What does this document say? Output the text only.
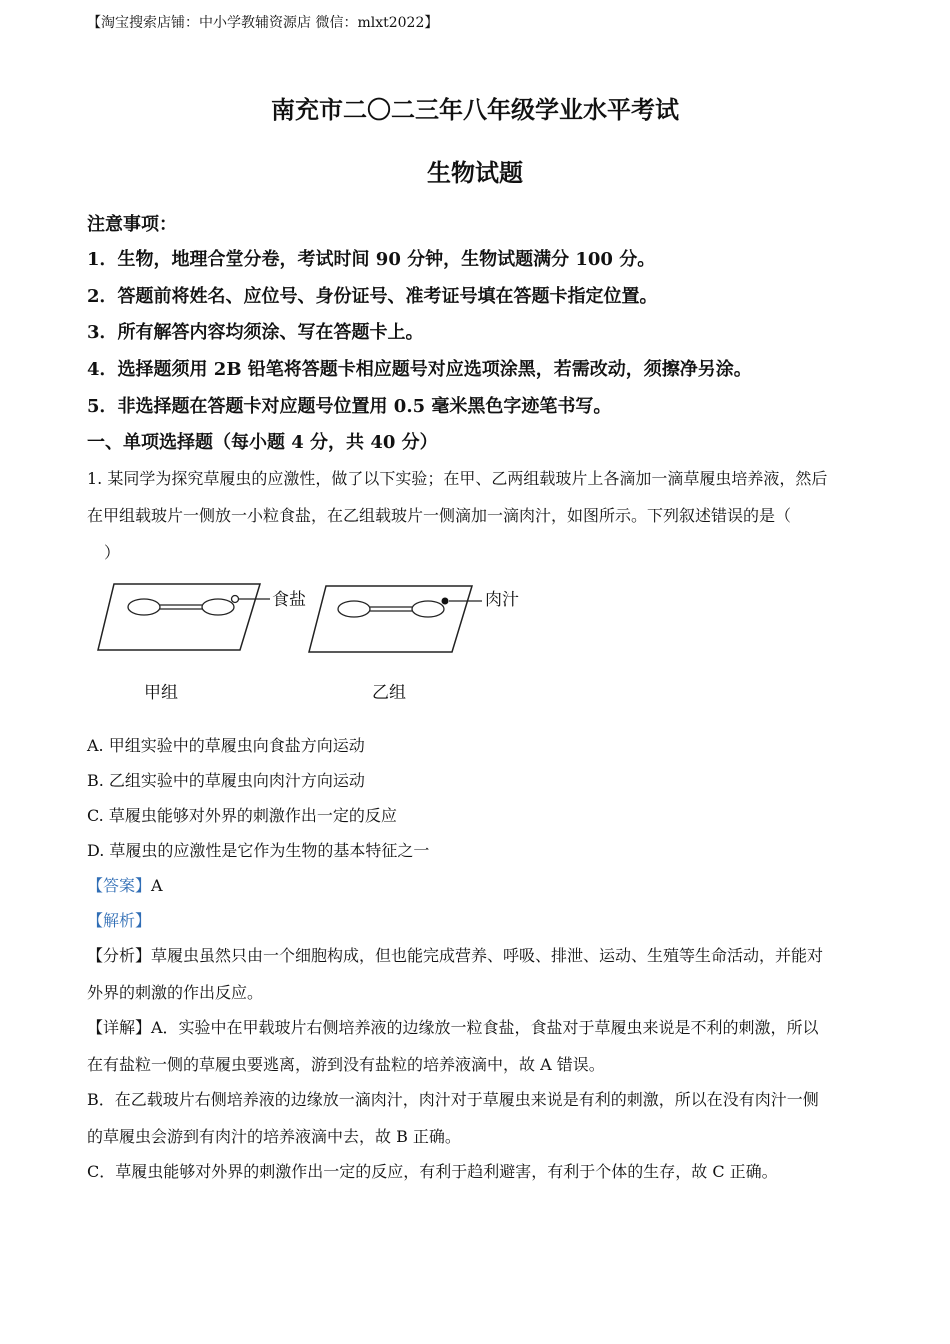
【淘宝搜索店铺：中小学教辅资源店 微信：mlxt2022】
南充市二〇二三年八年级学业水平考试
生物试题
注意事项：
1．生物，地理合堂分卷，考试时间 90 分钟，生物试题满分 100 分。
2．答题前将姓名、应位号、身份证号、准考证号填在答题卡指定位置。
3．所有解答内容均须涂、写在答题卡上。
4．选择题须用 2B 铅笔将答题卡相应题号对应选项涂黑，若需改动，须擦净另涂。
5．非选择题在答题卡对应题号位置用 0.5 毫米黑色字迹笔书写。
一、单项选择题（每小题 4 分，共 40 分）
1. 某同学为探究草履虫的应激性，做了以下实验；在甲、乙两组载玻片上各滴加一滴草履虫培养液，然后
在甲组载玻片一侧放一小粒食盐，在乙组载玻片一侧滴加一滴肉汁，如图所示。下列叙述错误的是（
）
食盐	肉汁
甲组	乙组
A. 甲组实验中的草履虫向食盐方向运动
B. 乙组实验中的草履虫向肉汁方向运动
C. 草履虫能够对外界的刺激作出一定的反应
D. 草履虫的应激性是它作为生物的基本特征之一
【答案】A
【解析】
【分析】草履虫虽然只由一个细胞构成，但也能完成营养、呼吸、排泄、运动、生殖等生命活动，并能对
外界的刺激的作出反应。
【详解】A．实验中在甲载玻片右侧培养液的边缘放一粒食盐，食盐对于草履虫来说是不利的刺激，所以
在有盐粒一侧的草履虫要逃离，游到没有盐粒的培养液滴中，故 A 错误。
B．在乙载玻片右侧培养液的边缘放一滴肉汁，肉汁对于草履虫来说是有利的刺激，所以在没有肉汁一侧
的草履虫会游到有肉汁的培养液滴中去，故 B 正确。
C．草履虫能够对外界的刺激作出一定的反应，有利于趋利避害，有利于个体的生存，故 C 正确。
